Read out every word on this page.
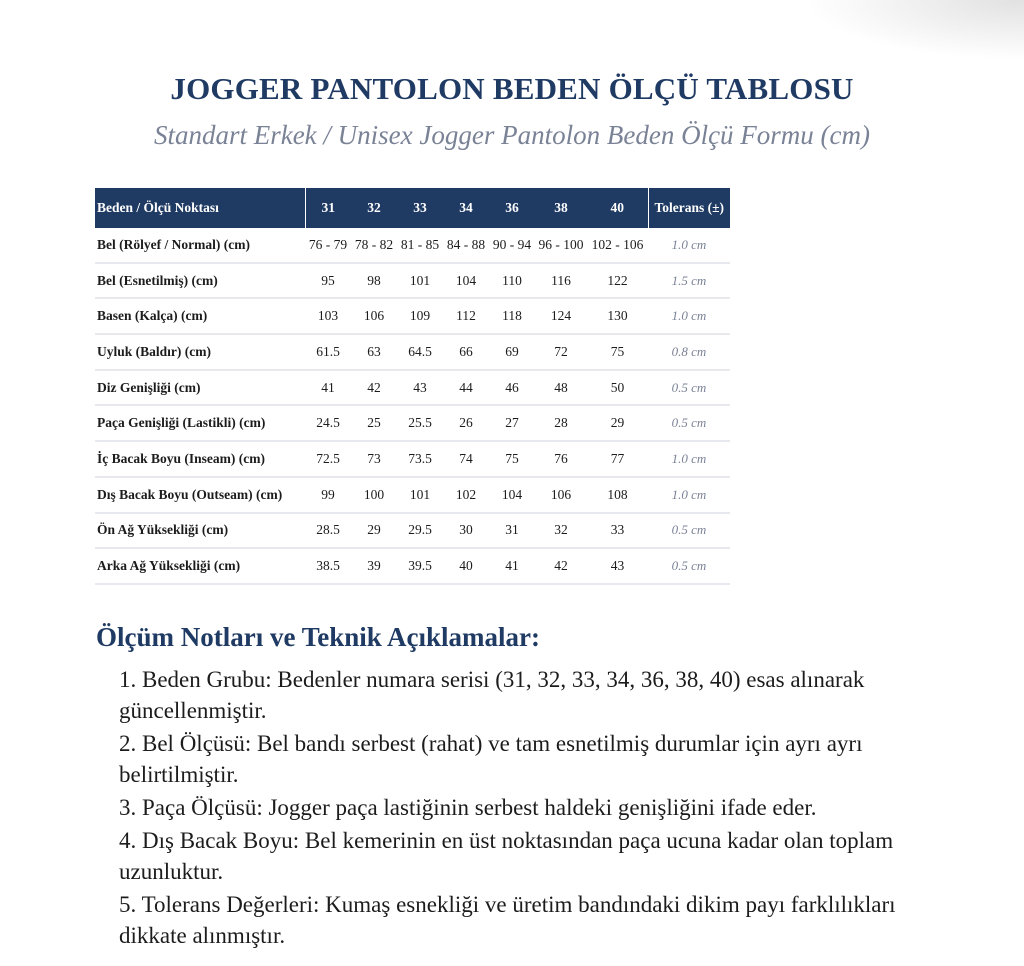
JOGGER PANTOLON BEDEN ÖLÇÜ TABLOSU
Standart Erkek / Unisex Jogger Pantolon Beden Ölçü Formu (cm)
Beden / Ölçü Noktası	31	32	33	34	36	38	40	Tolerans (±)
Bel (Rölyef / Normal) (cm)	76 - 79	78 - 82	81 - 85	84 - 88	90 - 94	96 - 100	102 - 106	1.0 cm
Bel (Esnetilmiş) (cm)	95	98	101	104	110	116	122	1.5 cm
Basen (Kalça) (cm)	103	106	109	112	118	124	130	1.0 cm
Uyluk (Baldır) (cm)	61.5	63	64.5	66	69	72	75	0.8 cm
Diz Genişliği (cm)	41	42	43	44	46	48	50	0.5 cm
Paça Genişliği (Lastikli) (cm)	24.5	25	25.5	26	27	28	29	0.5 cm
İç Bacak Boyu (Inseam) (cm)	72.5	73	73.5	74	75	76	77	1.0 cm
Dış Bacak Boyu (Outseam) (cm)	99	100	101	102	104	106	108	1.0 cm
Ön Ağ Yüksekliği (cm)	28.5	29	29.5	30	31	32	33	0.5 cm
Arka Ağ Yüksekliği (cm)	38.5	39	39.5	40	41	42	43	0.5 cm
Ölçüm Notları ve Teknik Açıklamalar:
1. Beden Grubu: Bedenler numara serisi (31, 32, 33, 34, 36, 38, 40) esas alınarak güncellenmiştir.
2. Bel Ölçüsü: Bel bandı serbest (rahat) ve tam esnetilmiş durumlar için ayrı ayrı belirtilmiştir.
3. Paça Ölçüsü: Jogger paça lastiğinin serbest haldeki genişliğini ifade eder.
4. Dış Bacak Boyu: Bel kemerinin en üst noktasından paça ucuna kadar olan toplam uzunluktur.
5. Tolerans Değerleri: Kumaş esnekliği ve üretim bandındaki dikim payı farklılıkları dikkate alınmıştır.
